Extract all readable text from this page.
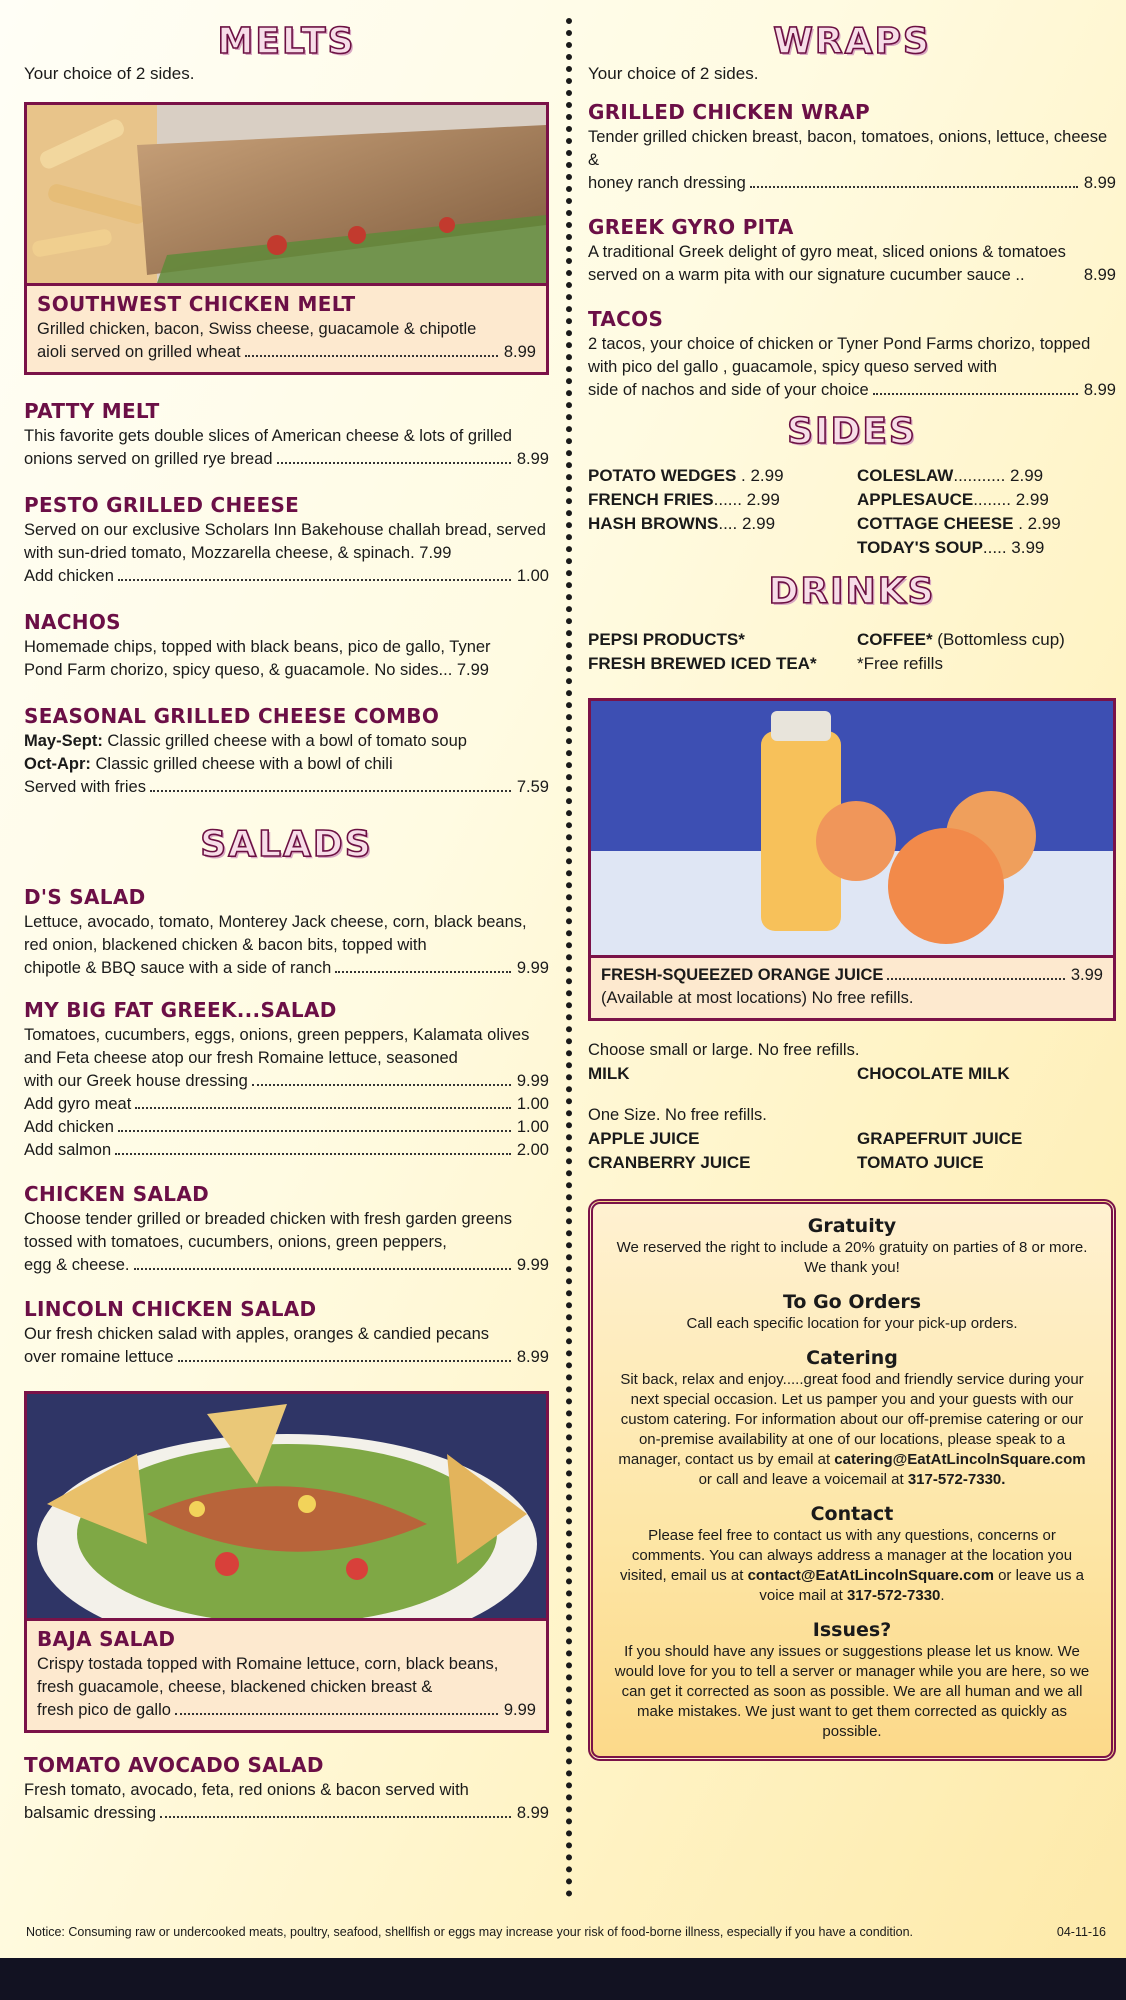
MELTS

Your choice of 2 sides.

SOUTHWEST CHICKEN MELT

Grilled chicken, bacon, Swiss cheese, guacamole & chipotle

aioli served on grilled wheat	8.99

PATTY MELT

This favorite gets double slices of American cheese & lots of grilled

onions served on grilled rye bread	8.99

PESTO GRILLED CHEESE

Served on our exclusive Scholars Inn Bakehouse challah bread, served with sun-dried tomato, Mozzarella cheese, & spinach. 7.99

Add chicken	1.00

NACHOS

Homemade chips, topped with black beans, pico de gallo, Tyner

Pond Farm chorizo, spicy queso, & guacamole. No sides... 7.99

SEASONAL GRILLED CHEESE COMBO

May-Sept: Classic grilled cheese with a bowl of tomato soup

Oct-Apr: Classic grilled cheese with a bowl of chili

Served with fries	7.59
SALADS

D'S SALAD

Lettuce, avocado, tomato, Monterey Jack cheese, corn, black beans, red onion, blackened chicken & bacon bits, topped with

chipotle & BBQ sauce with a side of ranch	9.99

MY BIG FAT GREEK...SALAD

Tomatoes, cucumbers, eggs, onions, green peppers, Kalamata olives and Feta cheese atop our fresh Romaine lettuce, seasoned

with our Greek house dressing	9.99
Add gyro meat	1.00
Add chicken	1.00
Add salmon	2.00

CHICKEN SALAD

Choose tender grilled or breaded chicken with fresh garden greens tossed with tomatoes, cucumbers, onions, green peppers,

egg & cheese.	9.99

LINCOLN CHICKEN SALAD

Our fresh chicken salad with apples, oranges & candied pecans

over romaine lettuce	8.99

BAJA SALAD

Crispy tostada topped with Romaine lettuce, corn, black beans, fresh guacamole, cheese, blackened chicken breast &

fresh pico de gallo	9.99

TOMATO AVOCADO SALAD

Fresh tomato, avocado, feta, red onions & bacon served with

balsamic dressing	8.99
WRAPS

Your choice of 2 sides.

GRILLED CHICKEN WRAP

Tender grilled chicken breast, bacon, tomatoes, onions, lettuce, cheese &

honey ranch dressing	8.99

GREEK GYRO PITA

A traditional Greek delight of gyro meat, sliced onions & tomatoes

served on a warm pita with our signature cucumber sauce ..	8.99

TACOS

2 tacos, your choice of chicken or Tyner Pond Farms chorizo, topped with pico del gallo , guacamole, spicy queso served with

side of nachos and side of your choice	8.99
SIDES
POTATO WEDGES . 2.99	COLESLAW........... 2.99
FRENCH FRIES...... 2.99	APPLESAUCE........ 2.99
HASH BROWNS.... 2.99	COTTAGE CHEESE . 2.99
TODAY'S SOUP..... 3.99
DRINKS
PEPSI PRODUCTS*	COFFEE* (Bottomless cup)
FRESH BREWED ICED TEA*	*Free refills
FRESH-SQUEEZED ORANGE JUICE	3.99

(Available at most locations) No free refills.

Choose small or large. No free refills.

MILK	CHOCOLATE MILK

One Size. No free refills.

APPLE JUICE	GRAPEFRUIT JUICE
CRANBERRY JUICE	TOMATO JUICE
Gratuity

We reserved the right to include a 20% gratuity on parties of 8 or more. We thank you!

To Go Orders

Call each specific location for your pick-up orders.

Catering

Sit back, relax and enjoy.....great food and friendly service during your next special occasion. Let us pamper you and your guests with our custom catering. For information about our off-premise catering or our on-premise availability at one of our locations, please speak to a manager, contact us by email at catering@EatAtLincolnSquare.com or call and leave a voicemail at 317-572-7330.

Contact

Please feel free to contact us with any questions, concerns or comments. You can always address a manager at the location you visited, email us at contact@EatAtLincolnSquare.com or leave us a voice mail at 317-572-7330.

Issues?

If you should have any issues or suggestions please let us know. We would love for you to tell a server or manager while you are here, so we can get it corrected as soon as possible. We are all human and we all make mistakes. We just want to get them corrected as quickly as possible.

Notice: Consuming raw or undercooked meats, poultry, seafood, shellfish or eggs may increase your risk of food-borne illness, especially if you have a condition.	04-11-16
